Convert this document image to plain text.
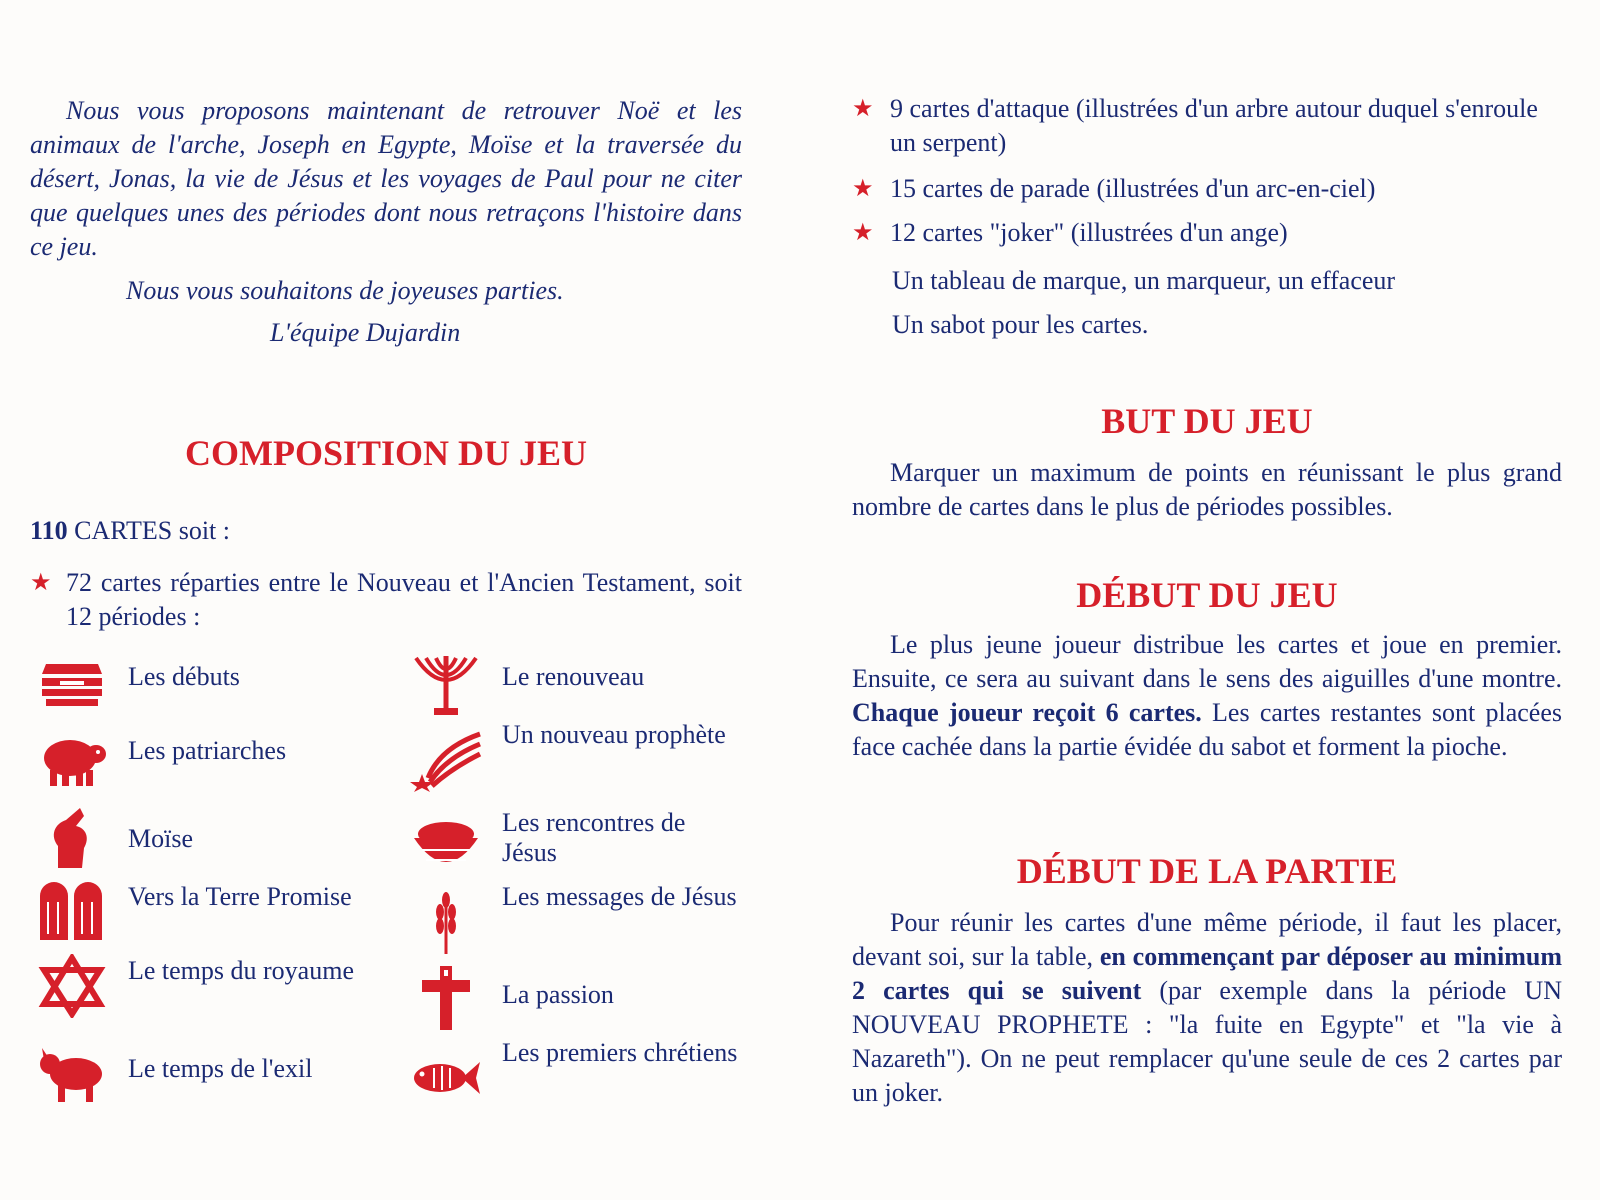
Nous vous proposons maintenant de retrouver Noë et les animaux de l'arche, Joseph en Egypte, Moïse et la traversée du désert, Jonas, la vie de Jésus et les voyages de Paul pour ne citer que quelques unes des périodes dont nous retraçons l'histoire dans ce jeu.

Nous vous souhaitons de joyeuses parties.

L'équipe Dujardin

COMPOSITION DU JEU

110 CARTES soit :

★ 72 cartes réparties entre le Nouveau et l'Ancien Testament, soit 12 périodes :

Les débuts

Les patriarches

Moïse

Vers la Terre Promise

Le temps du royaume

Le temps de l'exil

Le renouveau

Un nouveau prophète

Les rencontres de Jésus

Les messages de Jésus

La passion

Les premiers chrétiens

★ 9 cartes d'attaque (illustrées d'un arbre autour duquel s'enroule un serpent)

★ 15 cartes de parade (illustrées d'un arc-en-ciel)

★ 12 cartes "joker" (illustrées d'un ange)

Un tableau de marque, un marqueur, un effaceur

Un sabot pour les cartes.

BUT DU JEU

Marquer un maximum de points en réunissant le plus grand nombre de cartes dans le plus de périodes possibles.

DÉBUT DU JEU

Le plus jeune joueur distribue les cartes et joue en premier. Ensuite, ce sera au suivant dans le sens des aiguilles d'une montre. Chaque joueur reçoit 6 cartes. Les cartes restantes sont placées face cachée dans la partie évidée du sabot et forment la pioche.

DÉBUT DE LA PARTIE

Pour réunir les cartes d'une même période, il faut les placer, devant soi, sur la table, en commençant par déposer au minimum 2 cartes qui se suivent (par exemple dans la période UN NOUVEAU PROPHETE : "la fuite en Egypte" et "la vie à Nazareth"). On ne peut remplacer qu'une seule de ces 2 cartes par un joker.
